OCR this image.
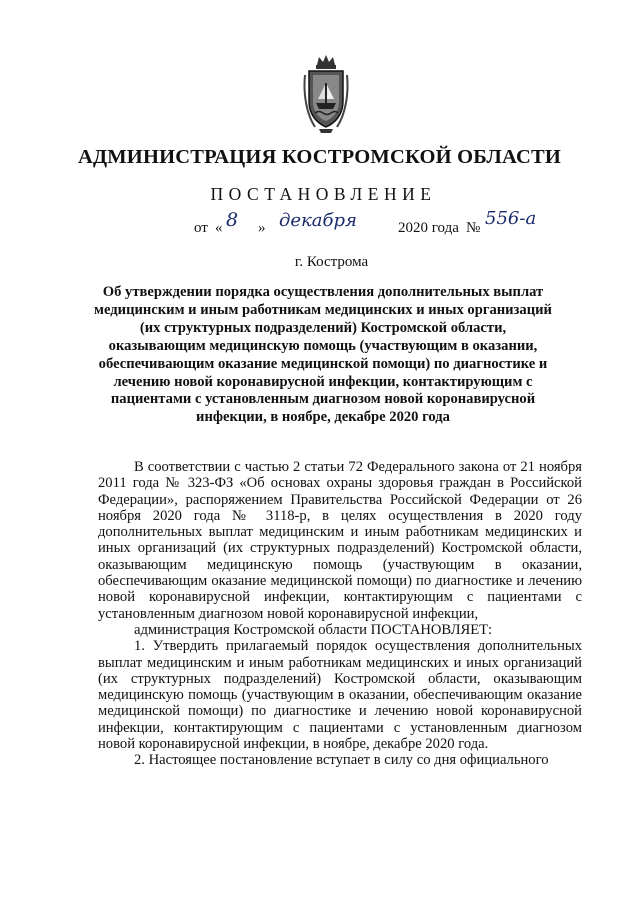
АДМИНИСТРАЦИЯ КОСТРОМСКОЙ ОБЛАСТИ
ПОСТАНОВЛЕНИЕ
от « 8 » декабря	2020 года № 556-а
г. Кострома
Об утверждении порядка осуществления дополнительных выплат медицинским и иным работникам медицинских и иных организаций (их структурных подразделений) Костромской области, оказывающим медицинскую помощь (участвующим в оказании, обеспечивающим оказание медицинской помощи) по диагностике и лечению новой коронавирусной инфекции, контактирующим с пациентами с установленным диагнозом новой коронавирусной инфекции, в ноябре, декабре 2020 года

В соответствии с частью 2 статьи 72 Федерального закона от 21 ноября 2011 года № 323-ФЗ «Об основах охраны здоровья граждан в Российской Федерации», распоряжением Правительства Российской Федерации от 26 ноября 2020 года № 3118-р, в целях осуществления в 2020 году дополнительных выплат медицинским и иным работникам медицинских и иных организаций (их структурных подразделений) Костромской области, оказывающим медицинскую помощь (участвующим в оказании, обеспечивающим оказание медицинской помощи) по диагностике и лечению новой коронавирусной инфекции, контактирующим с пациентами с установленным диагнозом новой коронавирусной инфекции,

администрация Костромской области ПОСТАНОВЛЯЕТ:

1. Утвердить прилагаемый порядок осуществления дополнительных выплат медицинским и иным работникам медицинских и иных организаций (их структурных подразделений) Костромской области, оказывающим медицинскую помощь (участвующим в оказании, обеспечивающим оказание медицинской помощи) по диагностике и лечению новой коронавирусной инфекции, контактирующим с пациентами с установленным диагнозом новой коронавирусной инфекции, в ноябре, декабре 2020 года.

2. Настоящее постановление вступает в силу со дня официального
